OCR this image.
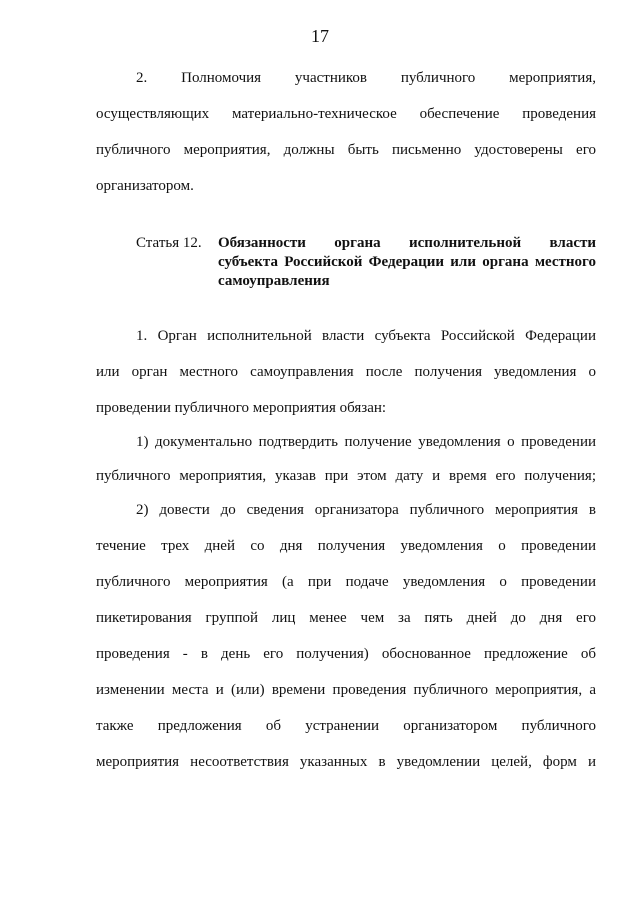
17
2. Полномочия участников публичного мероприятия,
осуществляющих материально-техническое обеспечение проведения
публичного мероприятия, должны быть письменно удостоверены его
организатором.
Статья 12. Обязанности органа исполнительной власти
субъекта Российской Федерации или органа местного
самоуправления
1. Орган исполнительной власти субъекта Российской Федерации
или орган местного самоуправления после получения уведомления о
проведении публичного мероприятия обязан:
1) документально подтвердить получение уведомления о проведении
публичного мероприятия, указав при этом дату и время его получения;
2) довести до сведения организатора публичного мероприятия в
течение трех дней со дня получения уведомления о проведении
публичного мероприятия (а при подаче уведомления о проведении
пикетирования группой лиц менее чем за пять дней до дня его
проведения - в день его получения) обоснованное предложение об
изменении места и (или) времени проведения публичного мероприятия, а
также предложения об устранении организатором публичного
мероприятия несоответствия указанных в уведомлении целей, форм и
